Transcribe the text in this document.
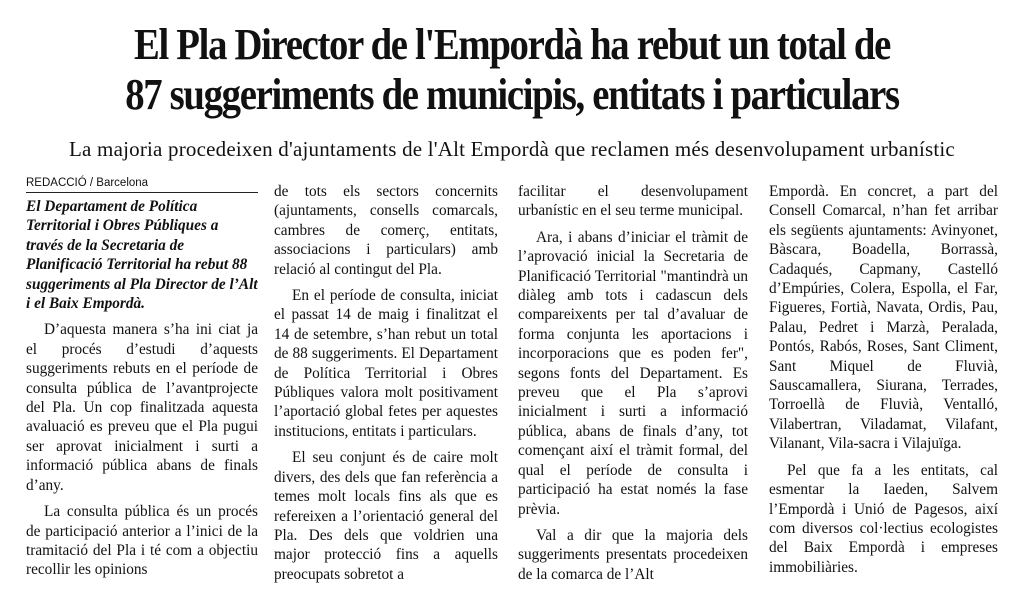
El Pla Director de l'Empordà ha rebut un total de
87 suggeriments de municipis, entitats i particulars
La majoria procedeixen d'ajuntaments de l'Alt Empordà que reclamen més desenvolupament urbanístic
REDACCIÓ / Barcelona

El Departament de Política Territorial i Obres Públiques a través de la Secretaria de Planificació Territorial ha rebut 88 suggeriments al Pla Director de l’Alt i el Baix Empordà.

D’aquesta manera s’ha ini ciat ja el procés d’estudi d’aquests suggeriments rebuts en el període de consulta pública de l’avantprojecte del Pla. Un cop finalitzada aquesta avaluació es preveu que el Pla pugui ser aprovat inicialment i surti a informació pública abans de finals d’any.

La consulta pública és un procés de participació anterior a l’inici de la tramitació del Pla i té com a objectiu recollir les opinions

de tots els sectors concernits (ajuntaments, consells comarcals, cambres de comerç, entitats, associacions i particulars) amb relació al contingut del Pla.

En el període de consulta, iniciat el passat 14 de maig i finalitzat el 14 de setembre, s’han rebut un total de 88 suggeriments. El Departament de Política Territorial i Obres Públiques valora molt positivament l’aportació global fetes per aquestes institucions, entitats i particulars.

El seu conjunt és de caire molt divers, des dels que fan referència a temes molt locals fins als que es refereixen a l’orientació general del Pla. Des dels que voldrien una major protecció fins a aquells preocupats sobretot a

facilitar el desenvolupament urbanístic en el seu terme municipal.

Ara, i abans d’iniciar el tràmit de l’aprovació inicial la Secretaria de Planificació Territorial "mantindrà un diàleg amb tots i cadascun dels compareixents per tal d’avaluar de forma conjunta les aportacions i incorporacions que es poden fer", segons fonts del Departament. Es preveu que el Pla s’aprovi inicialment i surti a informació pública, abans de finals d’any, tot començant així el tràmit formal, del qual el període de consulta i participació ha estat només la fase prèvia.

Val a dir que la majoria dels suggeriments presentats procedeixen de la comarca de l’Alt

Empordà. En concret, a part del Consell Comarcal, n’han fet arribar els següents ajuntaments: Avinyonet, Bàscara, Boadella, Borrassà, Cadaqués, Capmany, Castelló d’Empúries, Colera, Espolla, el Far, Figueres, Fortià, Navata, Ordis, Pau, Palau, Pedret i Marzà, Peralada, Pontós, Rabós, Roses, Sant Climent, Sant Miquel de Fluvià, Sauscamallera, Siurana, Terrades, Torroellà de Fluvià, Ventalló, Vilabertran, Viladamat, Vilafant, Vilanant, Vila-sacra i Vilajuïga.

Pel que fa a les entitats, cal esmentar la Iaeden, Salvem l’Empordà i Unió de Pagesos, així com diversos col·lectius ecologistes del Baix Empordà i empreses immobiliàries.
